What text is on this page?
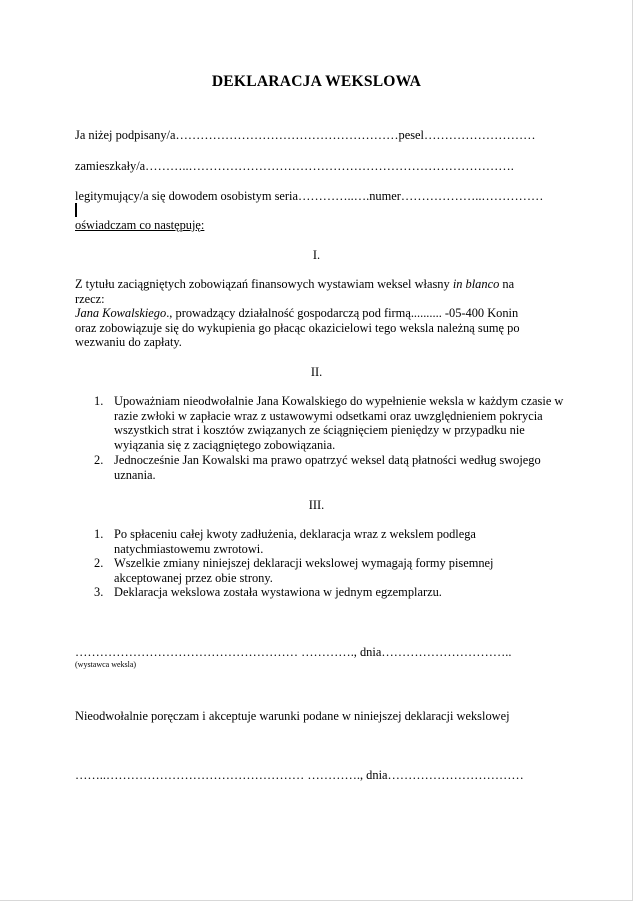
DEKLARACJA WEKSLOWA
Ja niżej podpisany/a………………………………………………pesel………………………
zamieszkały/a………..…………………………………………………………………….
legitymujący/a się dowodem osobistym seria…………..….numer………………..……………
oświadczam co następuję:
I.
Z tytułu zaciągniętych zobowiązań finansowych wystawiam weksel własny in blanco na
rzecz:
Jana Kowalskiego., prowadzący działalność gospodarczą pod firmą.......... -05-400 Konin
oraz zobowiązuje się do wykupienia go płacąc okazicielowi tego weksla należną sumę po
wezwaniu do zapłaty.
II.
1. Upoważniam nieodwołalnie Jana Kowalskiego do wypełnienie weksla w każdym czasie w razie zwłoki w zapłacie wraz z ustawowymi odsetkami oraz uwzględnieniem pokrycia wszystkich strat i kosztów związanych ze ściągnięciem pieniędzy w przypadku nie wyiązania się z zaciągniętego zobowiązania.
2. Jednocześnie Jan Kowalski ma prawo opatrzyć weksel datą płatności według swojego uznania.
III.
1. Po spłaceniu całej kwoty zadłużenia, deklaracja wraz z wekslem podlega natychmiastowemu zwrotowi.
2. Wszelkie zmiany niniejszej deklaracji wekslowej wymagają formy pisemnej akceptowanej przez obie strony.
3. Deklaracja wekslowa została wystawiona w jednym egzemplarzu.
……………………………………………… …………., dnia…………………………..
(wystawca weksla)
Nieodwołalnie poręczam i akceptuje warunki podane w niniejszej deklaracji wekslowej
……..………………………………………… …………., dnia……………………………
